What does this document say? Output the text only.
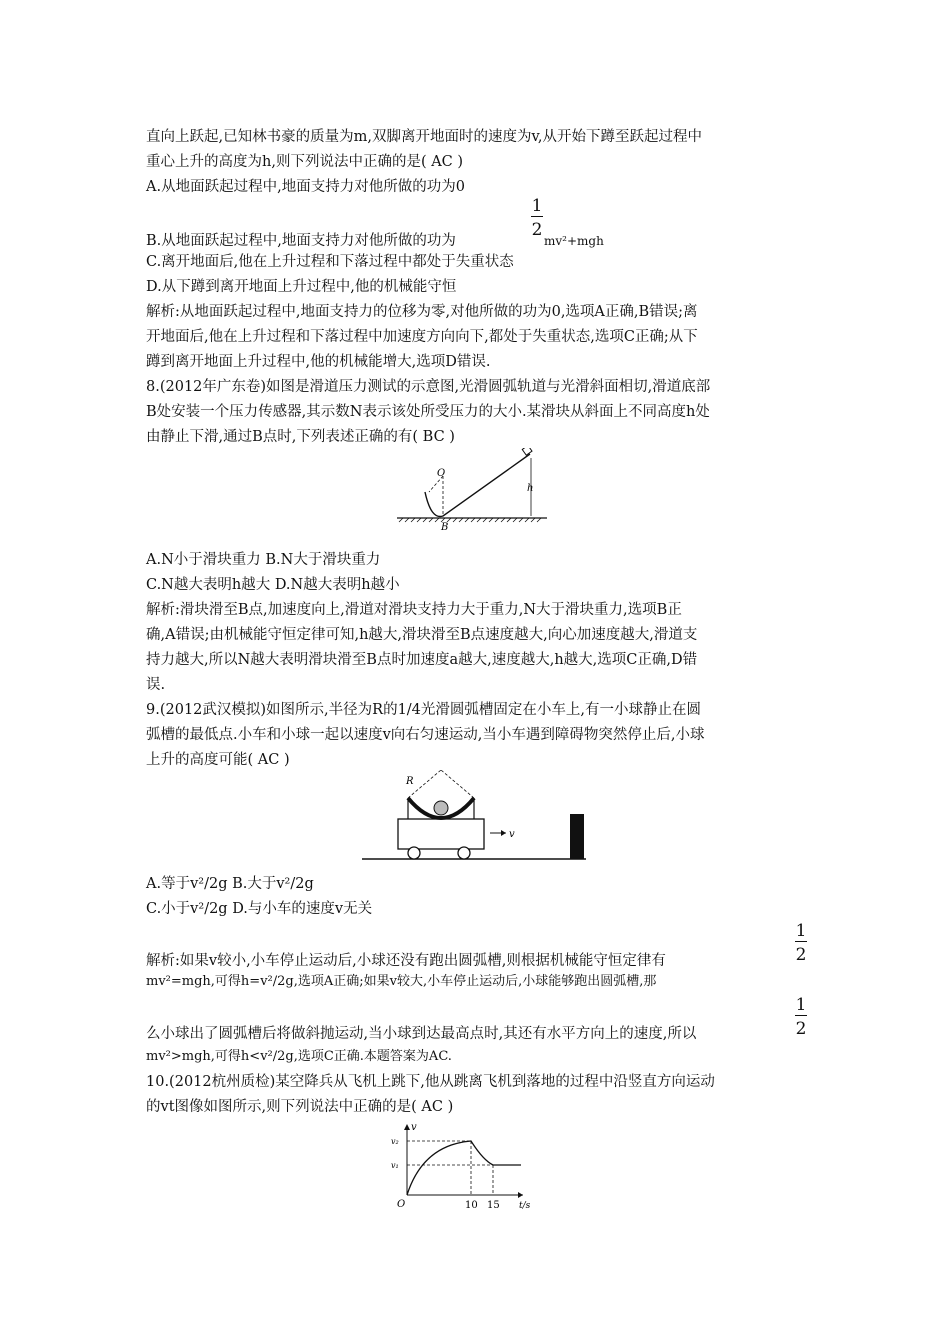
直向上跃起,已知林书豪的质量为m,双脚离开地面时的速度为v,从开始下蹲至跃起过程中
重心上升的高度为h,则下列说法中正确的是( AC )
A.从地面跃起过程中,地面支持力对他所做的功为0
1
2
B.从地面跃起过程中,地面支持力对他所做的功为	mv²+mgh
C.离开地面后,他在上升过程和下落过程中都处于失重状态
D.从下蹲到离开地面上升过程中,他的机械能守恒
解析:从地面跃起过程中,地面支持力的位移为零,对他所做的功为0,选项A正确,B错误;离
开地面后,他在上升过程和下落过程中加速度方向向下,都处于失重状态,选项C正确;从下
蹲到离开地面上升过程中,他的机械能增大,选项D错误.
8.(2012年广东卷)如图是滑道压力测试的示意图,光滑圆弧轨道与光滑斜面相切,滑道底部
B处安装一个压力传感器,其示数N表示该处所受压力的大小.某滑块从斜面上不同高度h处
由静止下滑,通过B点时,下列表述正确的有( BC )
O
B
h
A.N小于滑块重力 B.N大于滑块重力
C.N越大表明h越大 D.N越大表明h越小
解析:滑块滑至B点,加速度向上,滑道对滑块支持力大于重力,N大于滑块重力,选项B正
确,A错误;由机械能守恒定律可知,h越大,滑块滑至B点速度越大,向心加速度越大,滑道支
持力越大,所以N越大表明滑块滑至B点时加速度a越大,速度越大,h越大,选项C正确,D错
误.
9.(2012武汉模拟)如图所示,半径为R的1/4光滑圆弧槽固定在小车上,有一小球静止在圆
弧槽的最低点.小车和小球一起以速度v向右匀速运动,当小车遇到障碍物突然停止后,小球
上升的高度可能( AC )
R
v
A.等于v²/2g B.大于v²/2g
C.小于v²/2g D.与小车的速度v无关
1
2
解析:如果v较小,小车停止运动后,小球还没有跑出圆弧槽,则根据机械能守恒定律有
mv²=mgh,可得h=v²/2g,选项A正确;如果v较大,小车停止运动后,小球能够跑出圆弧槽,那
1
2
么小球出了圆弧槽后将做斜抛运动,当小球到达最高点时,其还有水平方向上的速度,所以
mv²>mgh,可得h<v²/2g,选项C正确.本题答案为AC.
10.(2012杭州质检)某空降兵从飞机上跳下,他从跳离飞机到落地的过程中沿竖直方向运动
的vt图像如图所示,则下列说法中正确的是( AC )
v
v₂
v₁
O	10 15 t/s
